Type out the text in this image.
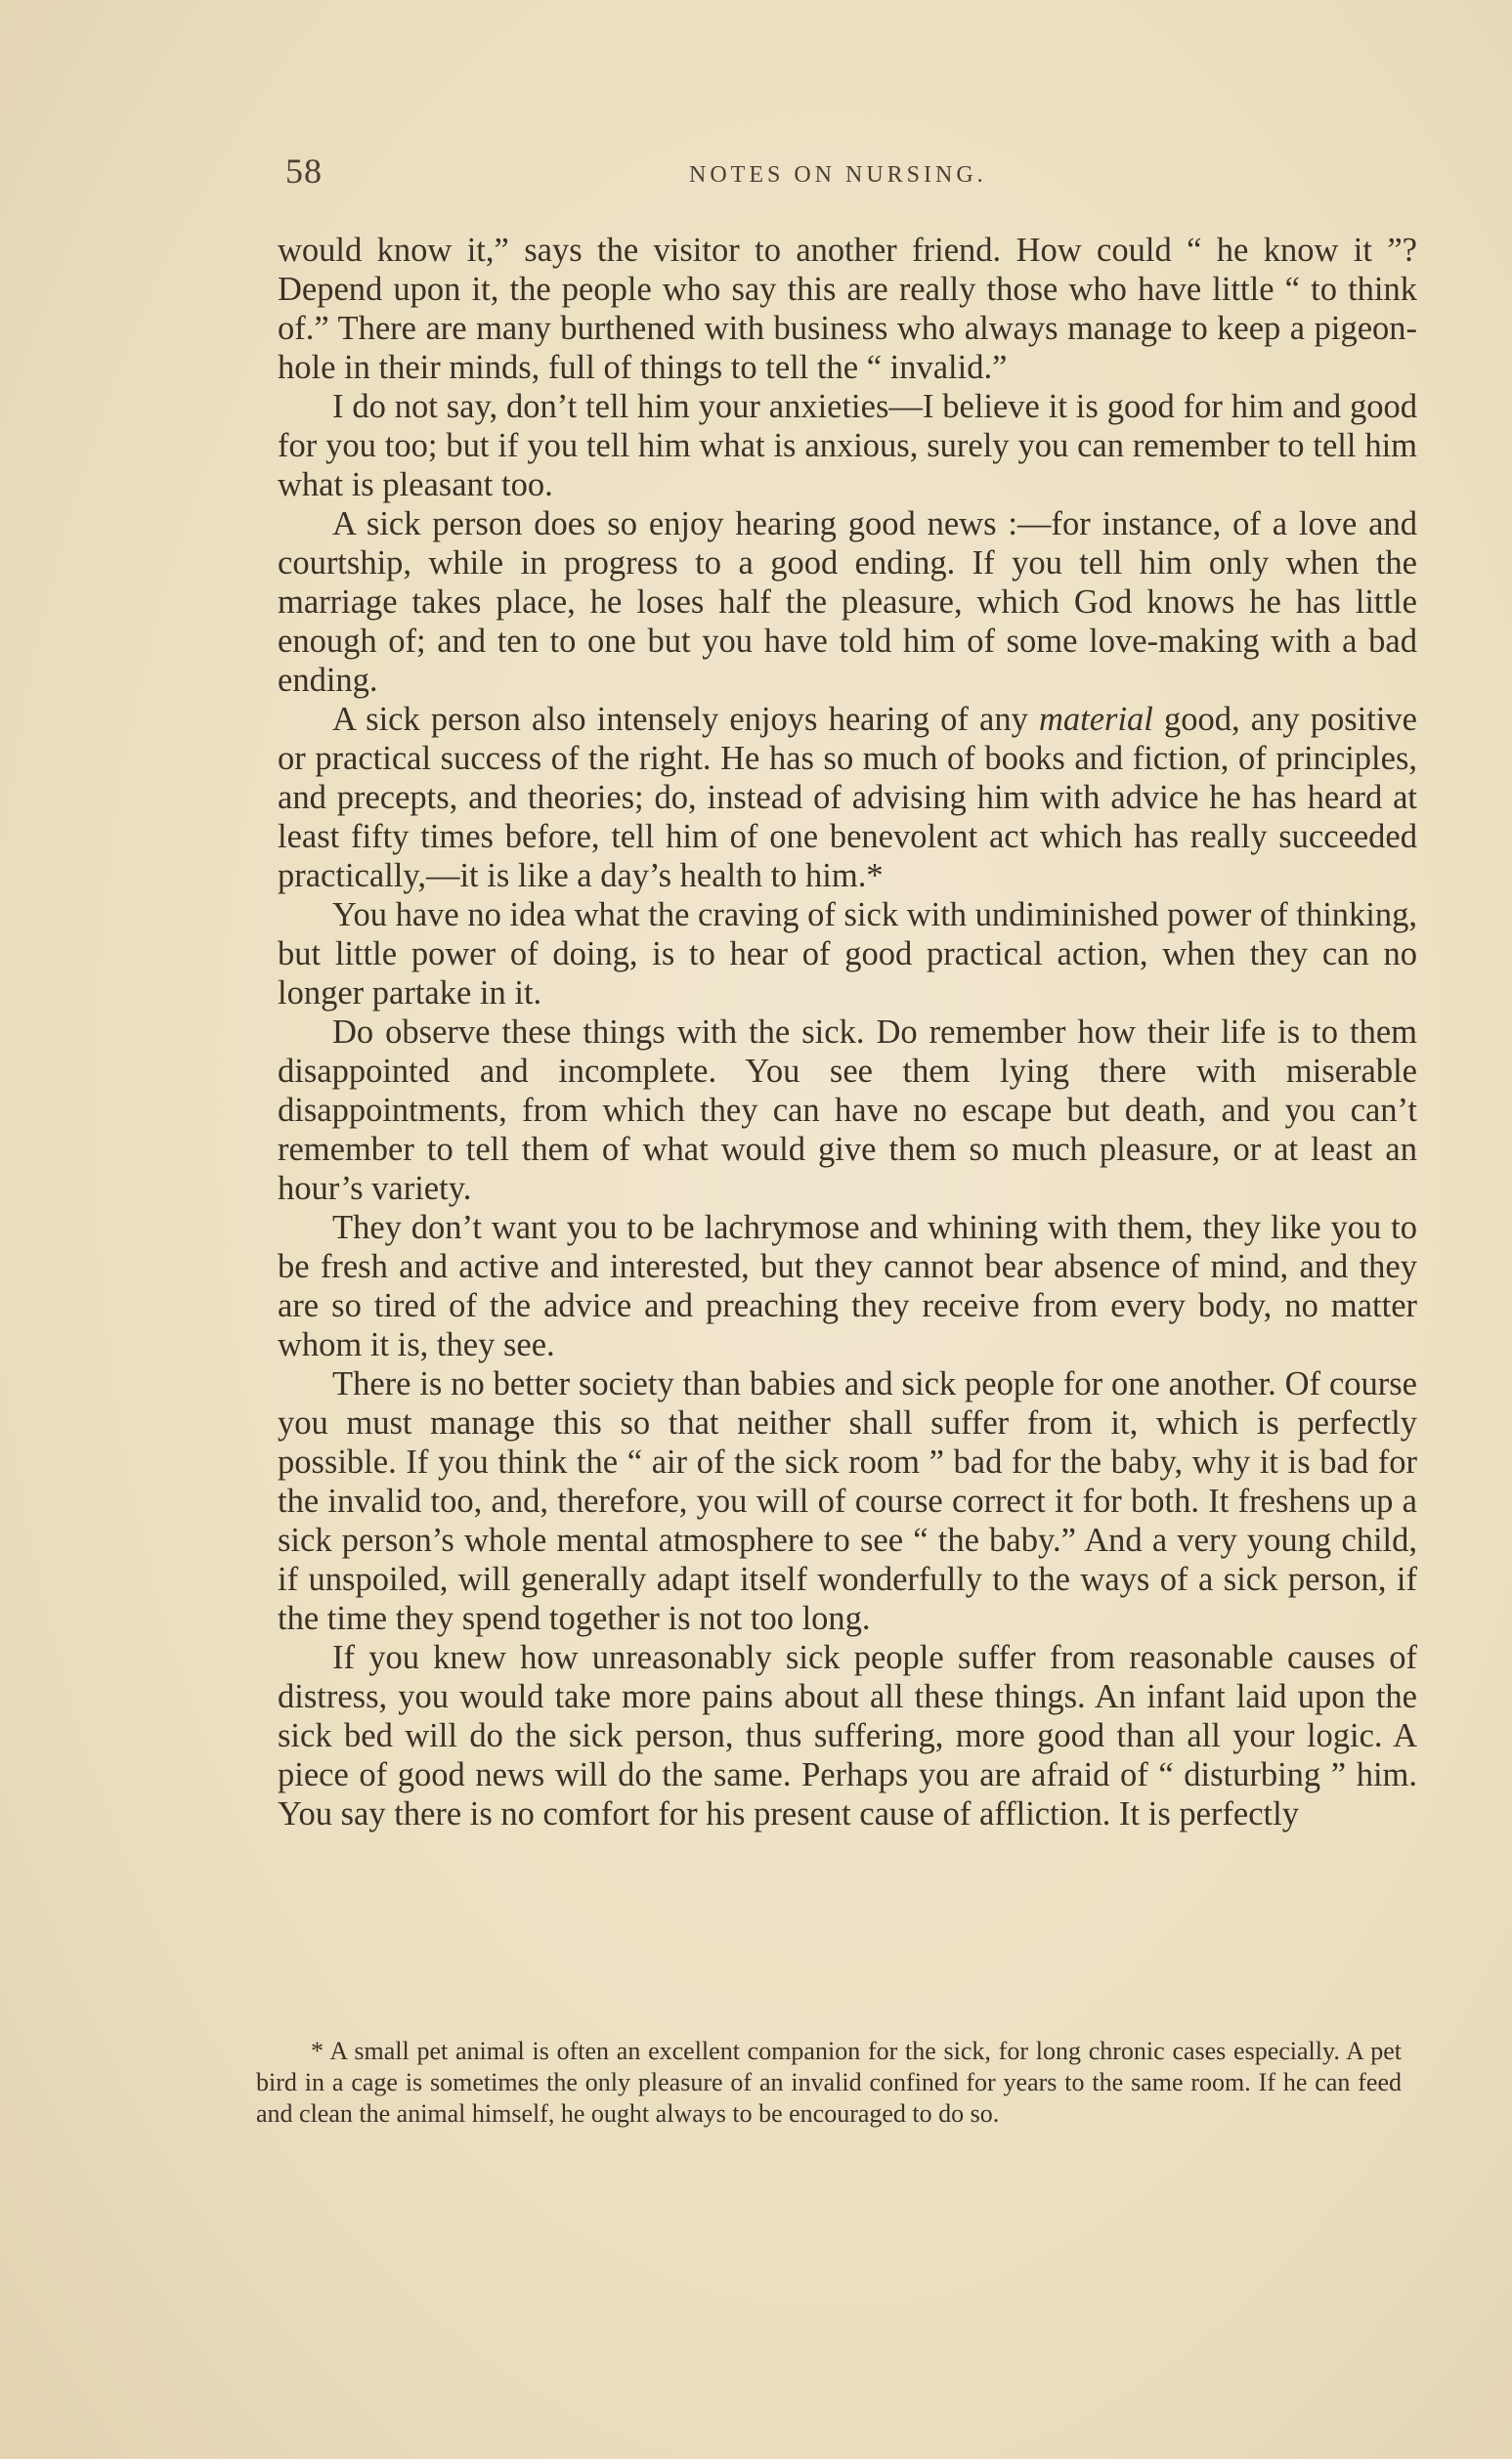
58	NOTES ON NURSING.

would know it,” says the visitor to another friend. How could “ he know it ”? Depend upon it, the people who say this are really those who have little “ to think of.” There are many burthened with business who always manage to keep a pigeon-hole in their minds, full of things to tell the “ invalid.”

I do not say, don’t tell him your anxieties—I believe it is good for him and good for you too; but if you tell him what is anxious, surely you can remember to tell him what is pleasant too.

A sick person does so enjoy hearing good news :—for instance, of a love and courtship, while in progress to a good ending. If you tell him only when the marriage takes place, he loses half the pleasure, which God knows he has little enough of; and ten to one but you have told him of some love-making with a bad ending.

A sick person also intensely enjoys hearing of any material good, any positive or practical success of the right. He has so much of books and fiction, of principles, and precepts, and theories; do, instead of advising him with advice he has heard at least fifty times before, tell him of one benevolent act which has really succeeded practically,—it is like a day’s health to him.*

You have no idea what the craving of sick with undiminished power of thinking, but little power of doing, is to hear of good practical action, when they can no longer partake in it.

Do observe these things with the sick. Do remember how their life is to them disappointed and incomplete. You see them lying there with miserable disappointments, from which they can have no escape but death, and you can’t remember to tell them of what would give them so much pleasure, or at least an hour’s variety.

They don’t want you to be lachrymose and whining with them, they like you to be fresh and active and interested, but they cannot bear absence of mind, and they are so tired of the advice and preaching they receive from every body, no matter whom it is, they see.

There is no better society than babies and sick people for one another. Of course you must manage this so that neither shall suffer from it, which is perfectly possible. If you think the “ air of the sick room ” bad for the baby, why it is bad for the invalid too, and, therefore, you will of course correct it for both. It freshens up a sick person’s whole mental atmosphere to see “ the baby.” And a very young child, if unspoiled, will generally adapt itself wonderfully to the ways of a sick person, if the time they spend together is not too long.

If you knew how unreasonably sick people suffer from reasonable causes of distress, you would take more pains about all these things. An infant laid upon the sick bed will do the sick person, thus suffering, more good than all your logic. A piece of good news will do the same. Perhaps you are afraid of “ disturbing ” him. You say there is no comfort for his present cause of affliction. It is perfectly

* A small pet animal is often an excellent companion for the sick, for long chronic cases especially. A pet bird in a cage is sometimes the only pleasure of an invalid confined for years to the same room. If he can feed and clean the animal himself, he ought always to be encouraged to do so.
